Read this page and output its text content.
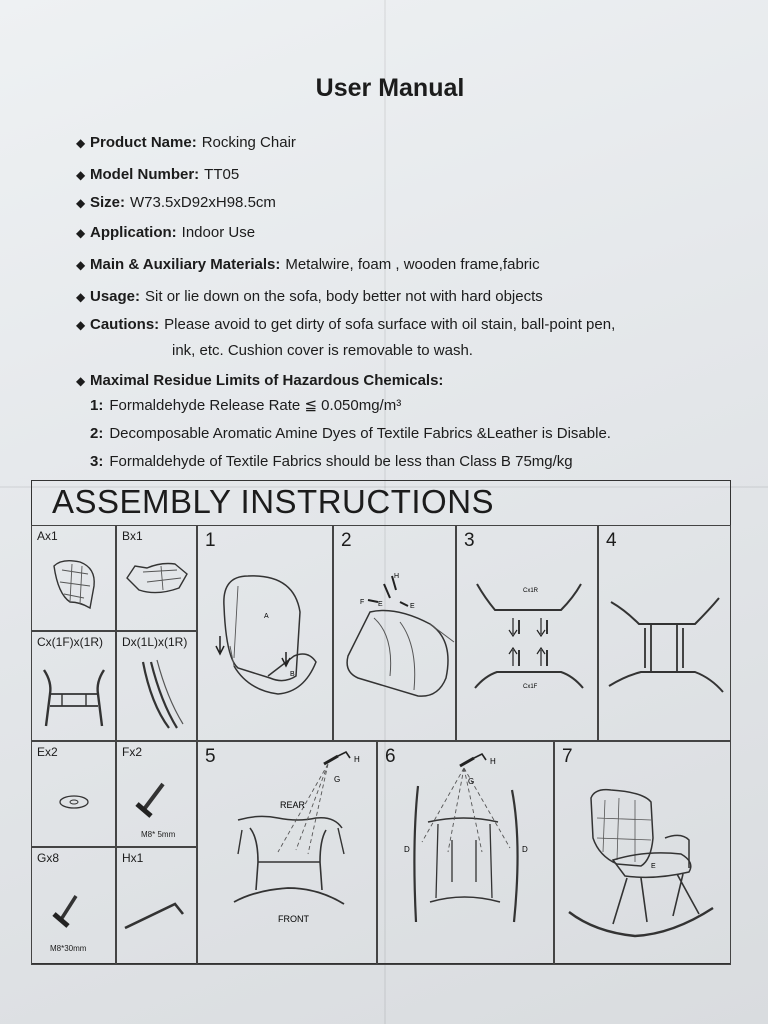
User Manual
◆ Product Name: Rocking Chair
◆ Model Number: TT05
◆ Size: W73.5xD92xH98.5cm
◆ Application: Indoor Use
◆ Main & Auxiliary Materials: Metalwire, foam , wooden frame,fabric
◆ Usage: Sit or lie down on the sofa, body better not with hard objects
◆ Cautions: Please avoid to get dirty of sofa surface with oil stain, ball-point pen,
ink, etc. Cushion cover is removable to wash.
◆ Maximal Residue Limits of Hazardous Chemicals:
1: Formaldehyde Release Rate ≦ 0.050mg/m³
2: Decomposable Aromatic Amine Dyes of Textile Fabrics &Leather is Disable.
3: Formaldehyde of Textile Fabrics should be less than Class B 75mg/kg
ASSEMBLY INSTRUCTIONS
Ax1	Bx1
Cx(1F)x(1R) Dx(1L)x(1R)
Ex2	Fx2
M8* 5mm
Gx8
M8*30mm
Hx1
1
A
B
2
H
F E	E
3
Cx1R
Cx1F
4
5	H
G
REAR
FRONT
6	H
G
D	D
7
E
